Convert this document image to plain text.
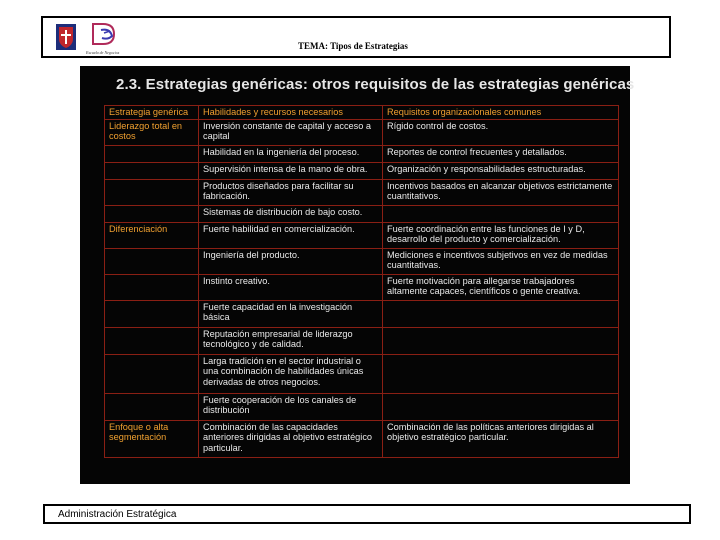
Escuela de Negocios
TEMA: Tipos de Estrategias
2.3. Estrategias genéricas: otros requisitos de las estrategias genéricas
Estrategia genérica	Habilidades y recursos necesarios	Requisitos organizacionales comunes
Liderazgo total en costos	Inversión constante de capital y acceso a capital	Rígido control de costos.
	Habilidad en la ingeniería del proceso.	Reportes de control frecuentes y detallados.
	Supervisión intensa de la mano de obra.	Organización y responsabilidades estructuradas.
	Productos diseñados para facilitar su fabricación.	Incentivos basados en alcanzar objetivos estrictamente cuantitativos.
	Sistemas de distribución de bajo costo.	
Diferenciación	Fuerte habilidad en comercialización.	Fuerte coordinación entre las funciones de I y D, desarrollo del producto y comercialización.
	Ingeniería del producto.	Mediciones e incentivos subjetivos en vez de medidas cuantitativas.
	Instinto creativo.	Fuerte motivación para allegarse trabajadores altamente capaces, científicos o gente creativa.
	Fuerte capacidad en la investigación básica	
	Reputación empresarial de liderazgo tecnológico y de calidad.	
	Larga tradición en el sector industrial o una combinación de habilidades únicas derivadas de otros negocios.	
	Fuerte cooperación de los canales de distribución	
Enfoque o alta segmentación	Combinación de las capacidades anteriores dirigidas al objetivo estratégico particular.	Combinación de las políticas anteriores dirigidas al objetivo estratégico particular.
Administración Estratégica
